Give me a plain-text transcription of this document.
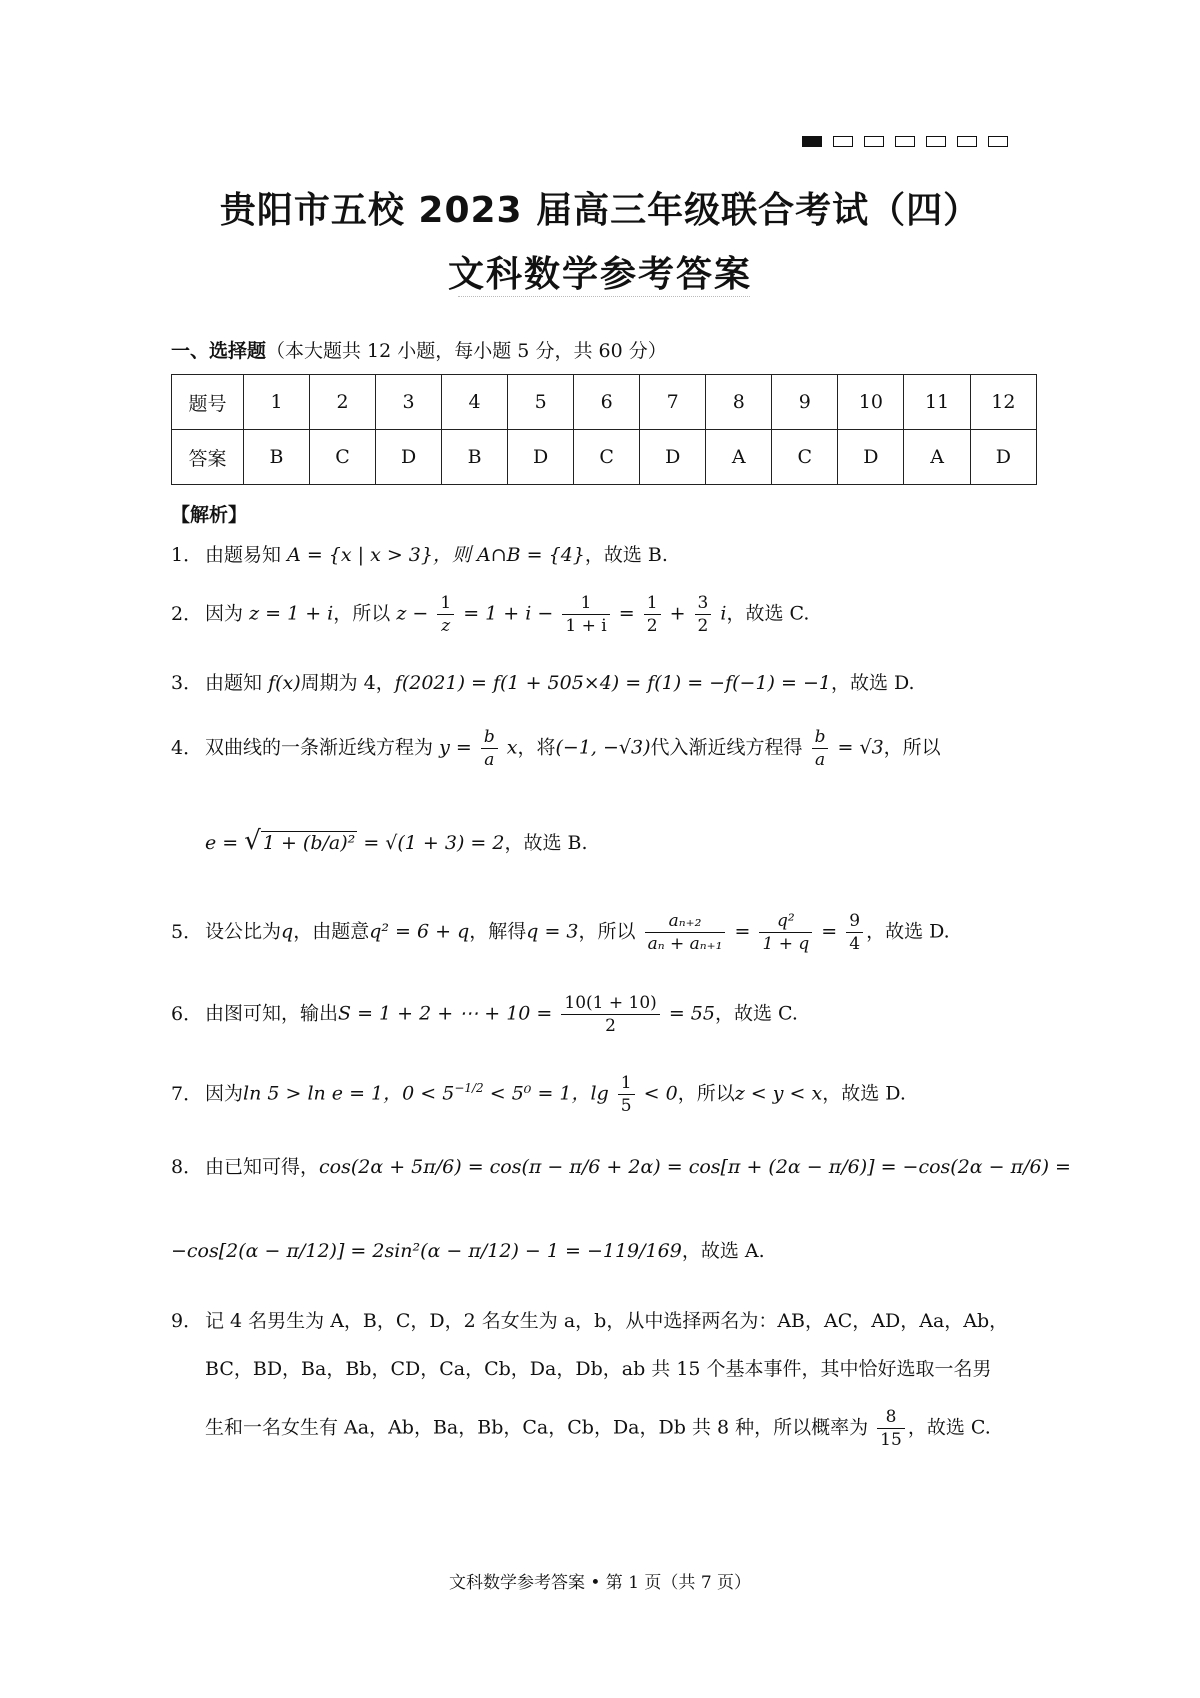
贵阳市五校 2023 届高三年级联合考试（四）
文科数学参考答案
一、选择题（本大题共 12 小题，每小题 5 分，共 60 分）
题号	1	2	3	4	5	6	7	8	9	10	11	12
答案	B	C	D	B	D	C	D	A	C	D	A	D
【解析】
1． 由题易知 A = {x | x > 3}，则 A∩B = {4}，故选 B.
2． 因为 z = 1 + i，所以 $z - \frac{1}{z} = 1 + i - \frac{1}{1 + i} = \frac{1}{2} + \frac{3}{2}$ i，故选 C.
3． 由题知 f(x)周期为 4，f(2021) = f(1 + 505×4) = f(1) = −f(−1) = −1，故选 D.
4． 双曲线的一条渐近线方程为 $y = \frac{b}{a}$ x，将(−1, −√3)代入渐近线方程得 $\frac{b}{a} = √3$，所以
e = √ 1 + (b/a)² = √(1 + 3) = 2，故选 B.
5． 设公比为q，由题意q² = 6 + q，解得q = 3，所以 $\frac{\text{aₙ₊₂}}{\text{aₙ + aₙ₊₁}} = \frac{\text{q²}}{1 + q} = \frac{9}{4}$ ，故选 D.
6． 由图可知，输出S = 1 + 2 + ⋯ + $10 = \frac{10(1 + 10)}{2} = 55$，故选 C.
7． 因为ln 5 > ln e = 1，$0 < 5^{-1/2} < 5^0 = 1$，$\lg \frac{1}{5} < 0$，所以z < y < x，故选 D.
8． 由已知可得，cos(2α + 5π/6) = cos(π − π/6 + 2α) = cos[π + (2α − π/6)] = −cos(2α − π/6) =
−cos[2(α − π/12)] = 2sin²(α − π/12) − 1 = −119/169，故选 A.
9． 记 4 名男生为 A，B，C，D，2 名女生为 a，b，从中选择两名为：AB，AC，AD，Aa，Ab，
BC，BD，Ba，Bb，CD，Ca，Cb，Da，Db，ab 共 15 个基本事件，其中恰好选取一名男
生和一名女生有 Aa，Ab，Ba，Bb，Ca，Cb，Da，Db 共 8 种，所以概率为 $\frac{8}{15}$ ，故选 C.
文科数学参考答案 • 第 1 页（共 7 页）
